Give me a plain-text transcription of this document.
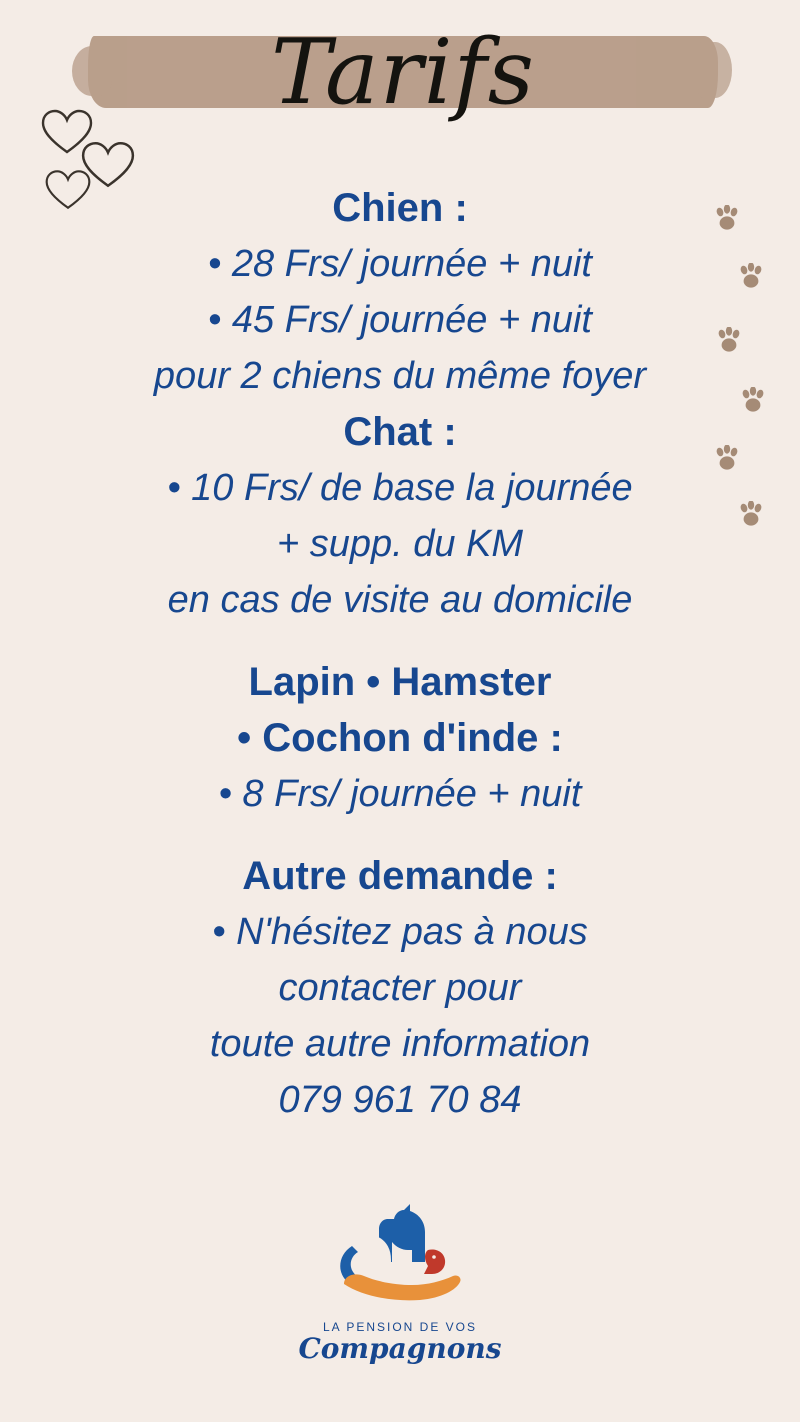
Tarifs

Chien :

• 28 Frs/ journée + nuit

• 45 Frs/ journée + nuit

pour 2 chiens du même foyer

Chat :

• 10 Frs/ de base la journée

+ supp. du KM

en cas de visite au domicile

Lapin • Hamster

• Cochon d'inde :

• 8 Frs/ journée + nuit

Autre demande :

• N'hésitez pas à nous

contacter pour

toute autre information

079 961 70 84

LA PENSION DE VOS
Compagnons
